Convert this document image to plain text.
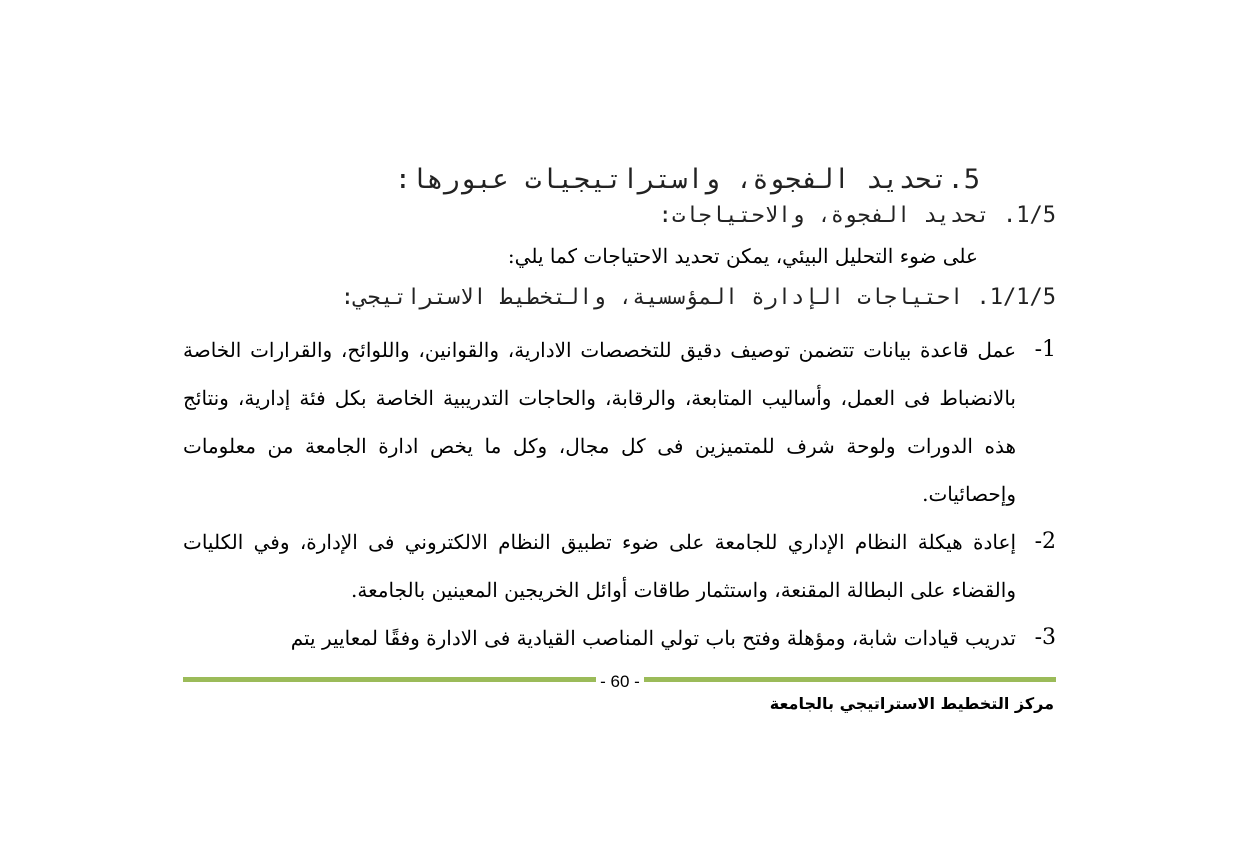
5.تحديد الفجوة، واستراتيجيات عبورها:
1/5. تحديد الفجوة، والاحتياجات:
على ضوء التحليل البيئي، يمكن تحديد الاحتياجات كما يلي:
1/1/5. احتياجات الإدارة المؤسسية، والتخطيط الاستراتيجي:
1-
عمل قاعدة بيانات تتضمن توصيف دقيق للتخصصات الادارية، والقوانين، واللوائح، والقرارات الخاصة بالانضباط فى العمل، وأساليب المتابعة، والرقابة، والحاجات التدريبية الخاصة بكل فئة إدارية، ونتائج هذه الدورات ولوحة شرف للمتميزين فى كل مجال، وكل ما يخص ادارة الجامعة من معلومات وإحصائيات.
2-
إعادة هيكلة النظام الإداري للجامعة على ضوء تطبيق النظام الالكتروني فى الإدارة، وفي الكليات والقضاء على البطالة المقنعة، واستثمار طاقات أوائل الخريجين المعينين بالجامعة.
3-
تدريب قيادات شابة، ومؤهلة وفتح باب تولي المناصب القيادية فى الادارة وفقًا لمعايير يتم
- 60 -
مركز التخطيط الاستراتيجي بالجامعة
